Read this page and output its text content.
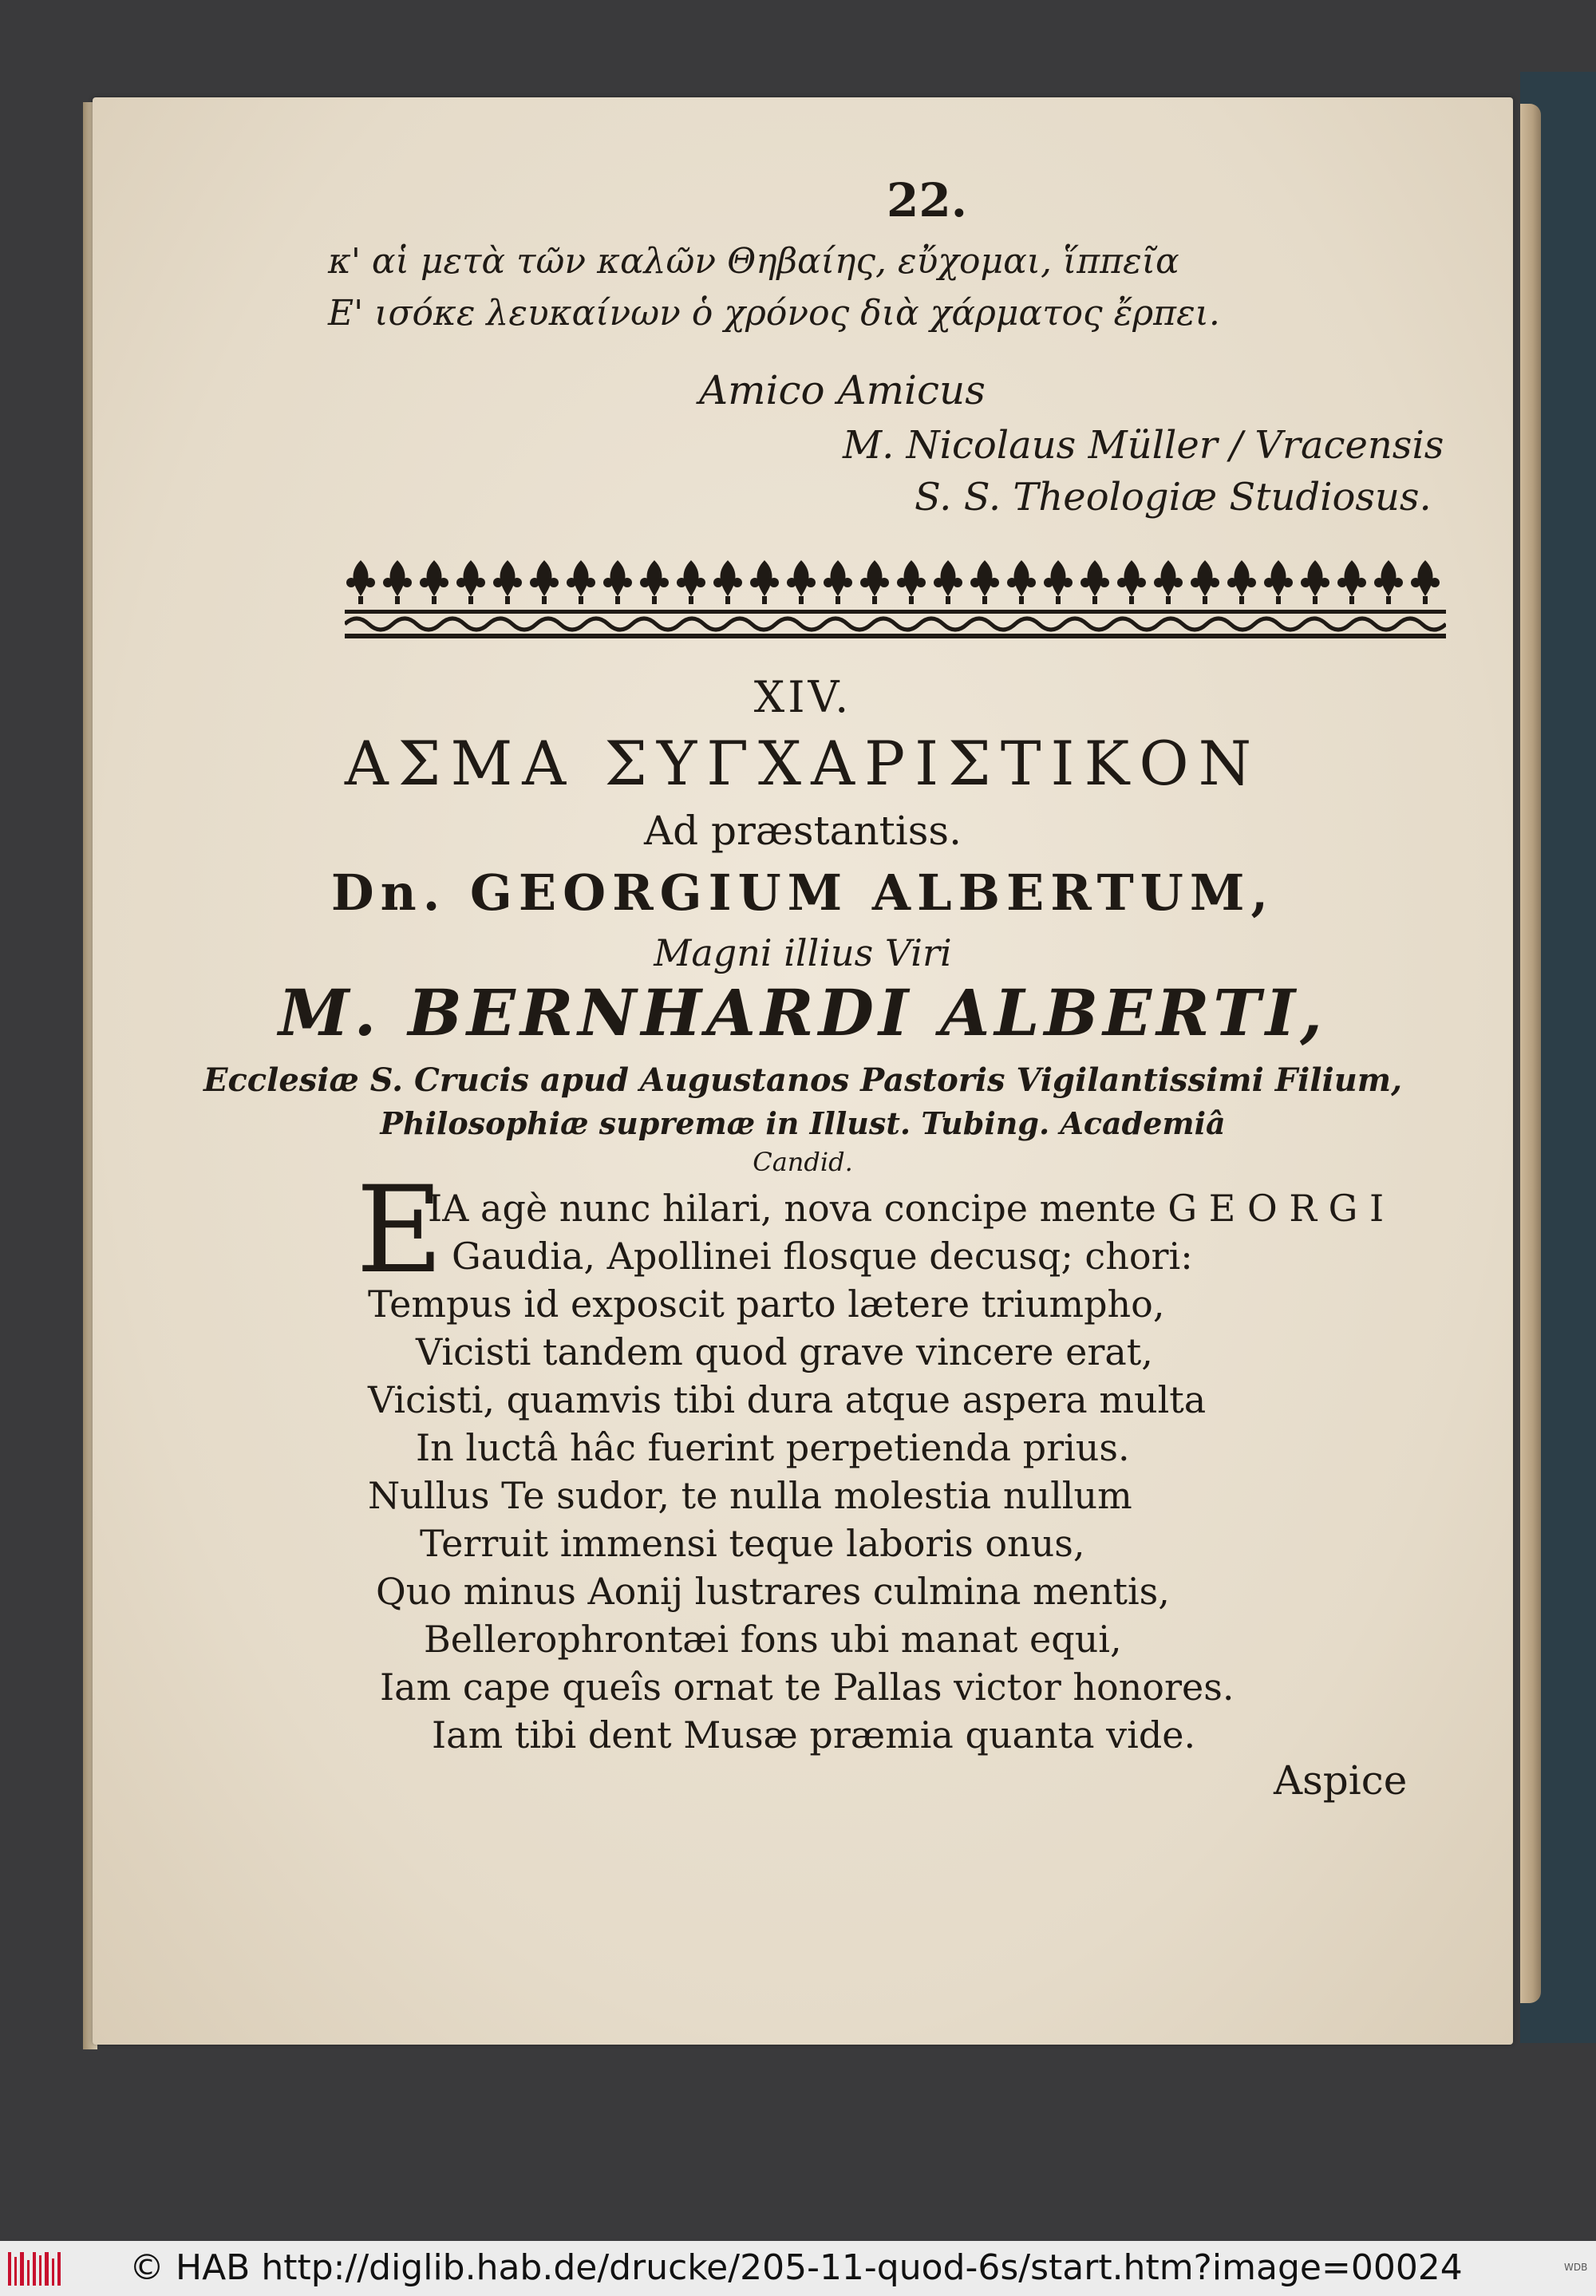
22.
κ' αἱ μετὰ τῶν καλῶν Θηβαίης, εὔχομαι, ἵππεῖα
Ε' ισόκε λευκαίνων ὁ χρόνος διὰ χάρματος ἔρπει.
Amico Amicus
M. Nicolaus Müller / Vracensis
S. S. Theologiæ Studiosus.
XIV.
ΑΣΜΑ ΣΥΓΧΑΡΙΣΤΙΚΟΝ
Ad præstantiss.
Dn. GEORGIUM ALBERTUM,
Magni illius Viri
M. BERNHARDI ALBERTI,
Ecclesiæ S. Crucis apud Augustanos Pastoris Vigilantissimi Filium,
Philosophiæ supremæ in Illust. Tubing. Academiâ
Candid.
E
IA agè nunc hilari, nova concipe mente G E O R G I
Gaudia, Apollinei flosque decusq; chori:
Tempus id exposcit parto lætere triumpho,
Vicisti tandem quod grave vincere erat,
Vicisti, quamvis tibi dura atque aspera multa
In luctâ hâc fuerint perpetienda prius.
Nullus Te sudor, te nulla molestia nullum
Terruit immensi teque laboris onus,
Quo minus Aonij lustrares culmina mentis,
Bellerophrontæi fons ubi manat equi,
Iam cape queîs ornat te Pallas victor honores.
Iam tibi dent Musæ præmia quanta vide.
Aspice
© HAB http://diglib.hab.de/drucke/205-11-quod-6s/start.htm?image=00024	WDB
